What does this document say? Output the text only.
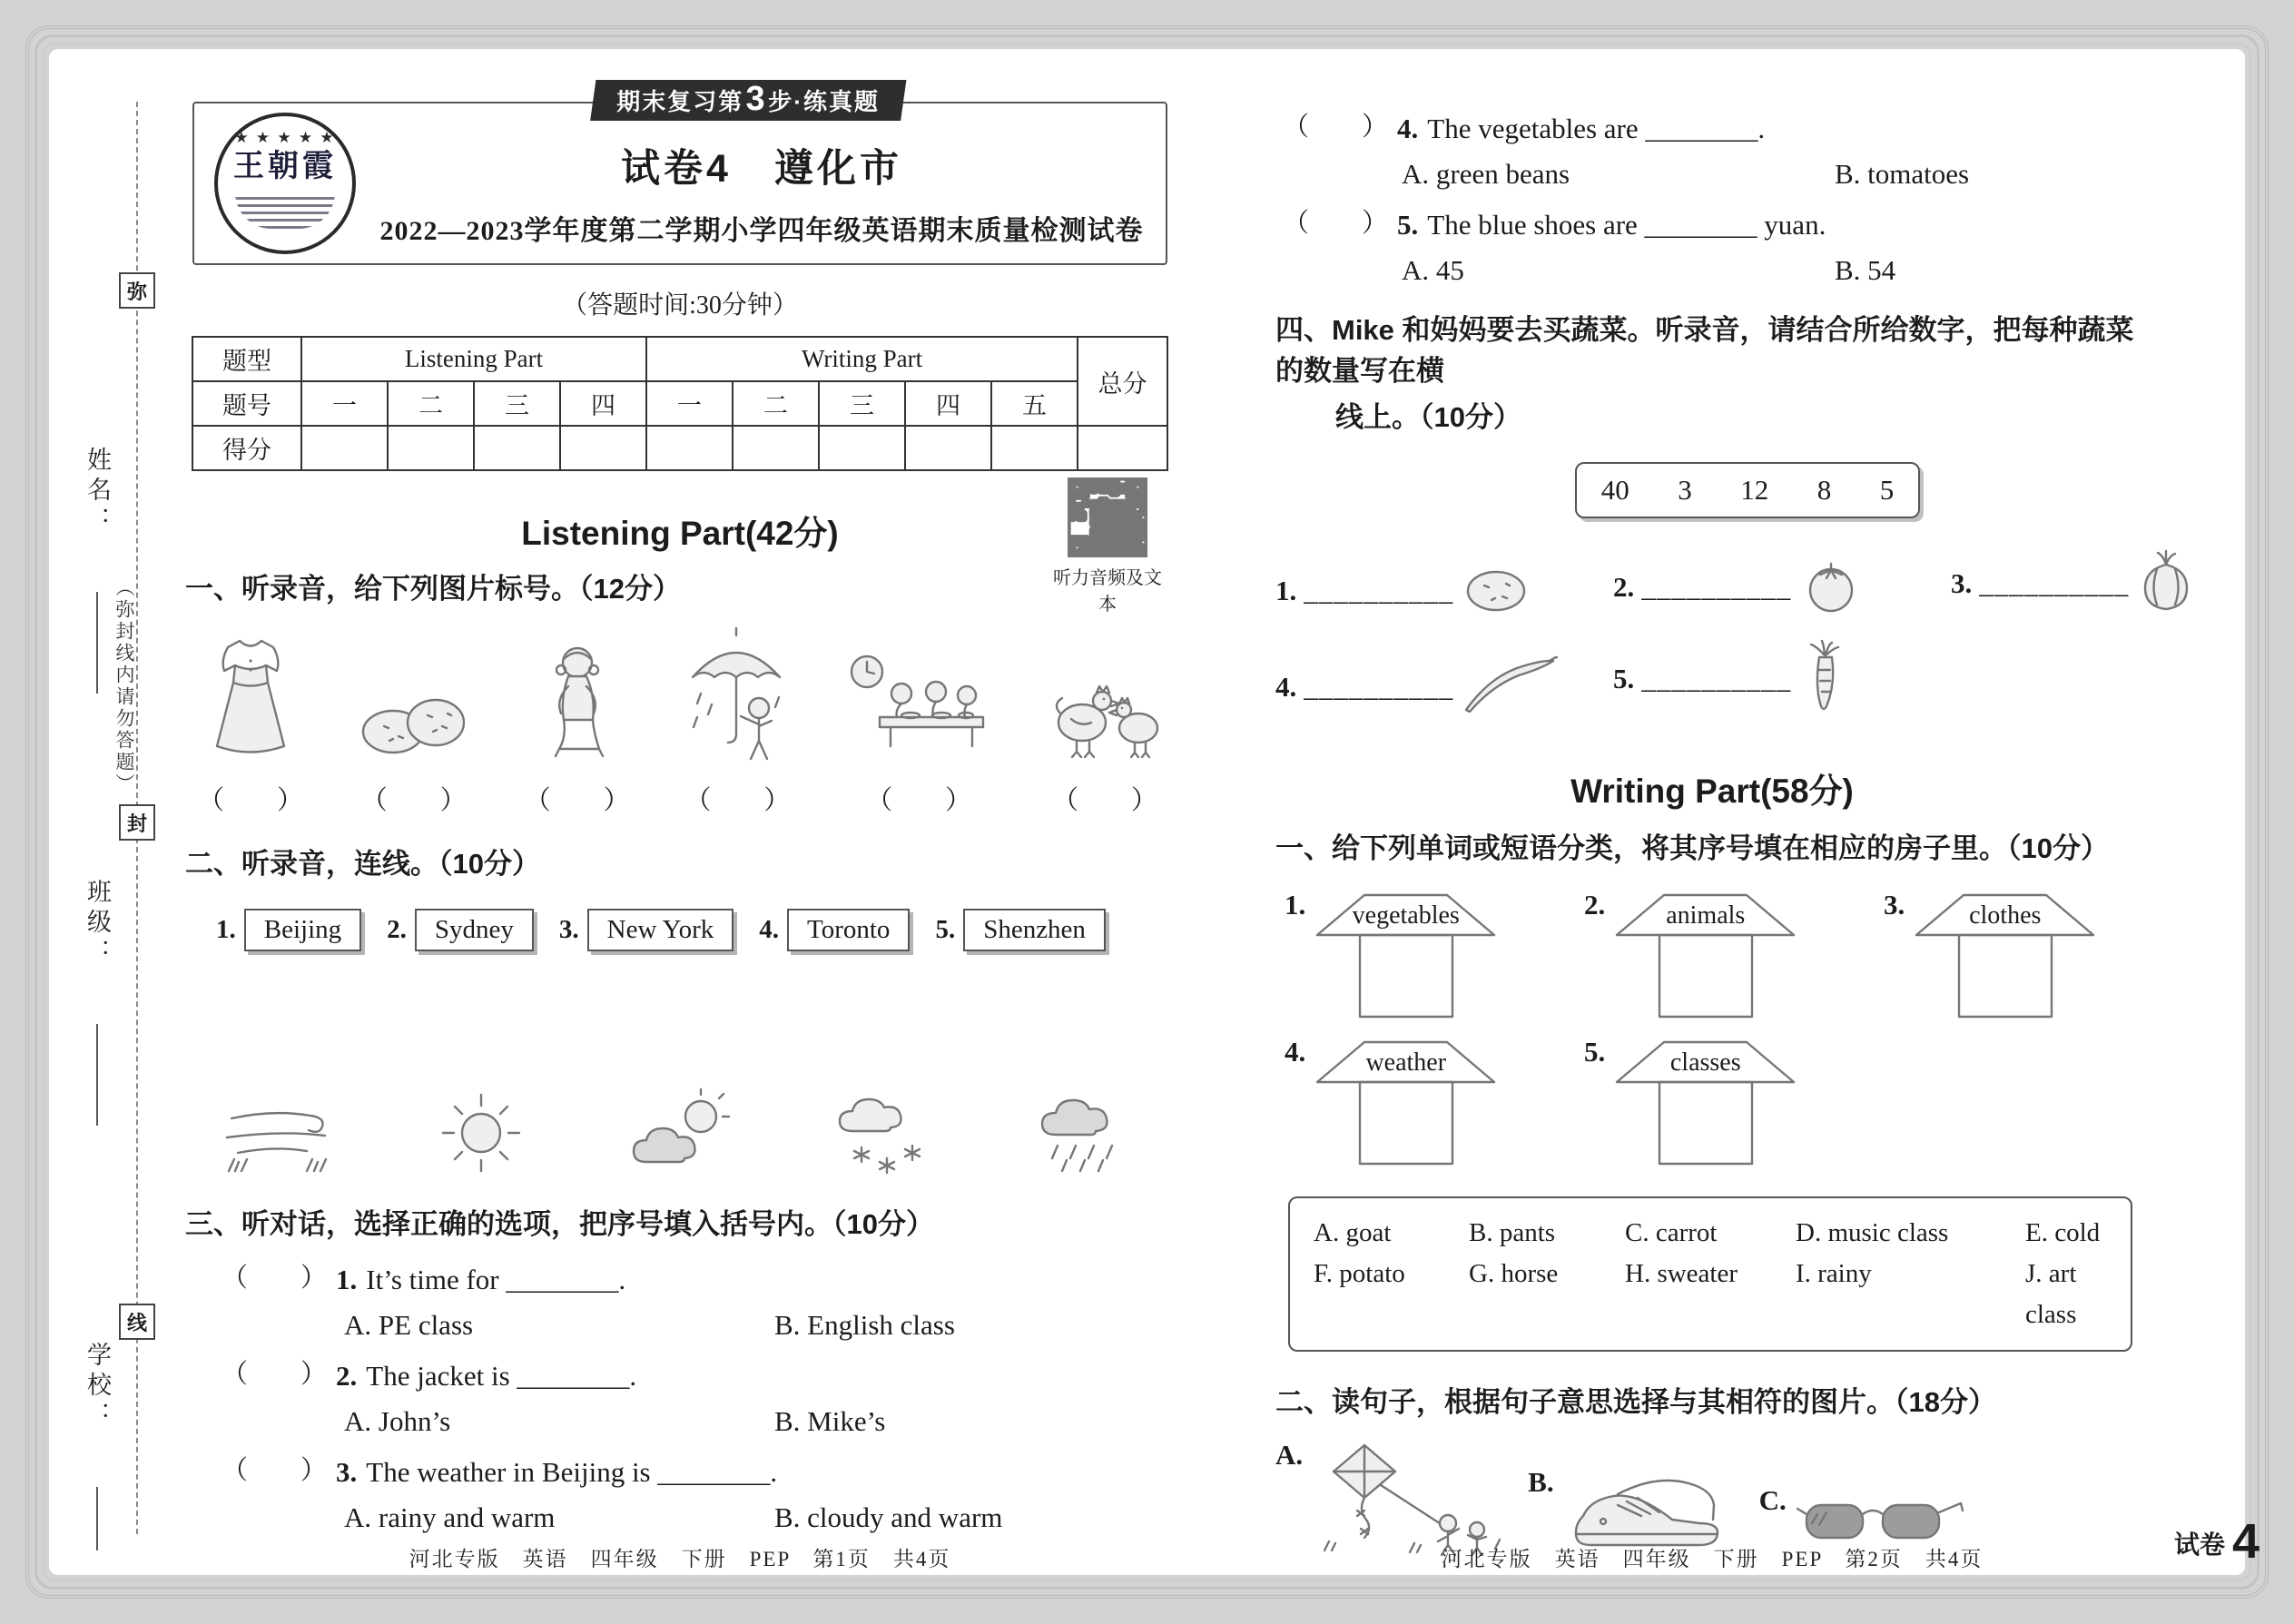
弥
姓名：
（弥封线内请勿答题）
封
班级：
线
学校：
期末复习第3步·练真题
★ ★ ★ ★ ★
王朝霞	试卷4　遵化市
2022—2023学年度第二学期小学四年级英语期末质量检测试卷
（答题时间:30分钟）
题型	Listening Part				Writing Part					总分
题号	一	二	三	四	一	二	三	四	五	
得分										
Listening Part(42分)
听力音频及文本
一、听录音，给下列图片标号。（12分）
（　　） （　　） （　　） （　　）	（　　）	（　　）
二、听录音，连线。（10分）
1.	Beijing	2.	Sydney	3.	New York	4.	Toronto	5.	Shenzhen
三、听对话，选择正确的选项，把序号填入括号内。（10分）
（　　） 1. It’s time for ________.
A. PE class	B. English class
（　　） 2. The jacket is ________.
A. John’s	B. Mike’s
（　　） 3. The weather in Beijing is ________.
A. rainy and warm	B. cloudy and warm
（　　） 4. The vegetables are ________.
A. green beans	B. tomatoes
（　　） 5. The blue shoes are ________ yuan.
A. 45	B. 54
四、Mike 和妈妈要去买蔬菜。听录音，请结合所给数字，把每种蔬菜的数量写在横
线上。（10分）
40 3 12 8 5
1. __________	2. __________	3. __________
4. __________	5. __________
Writing Part(58分)
一、给下列单词或短语分类，将其序号填在相应的房子里。（10分）
1.	vegetables	2.	animals	3.	clothes
4.	weather	5.	classes
A. goat	B. pants	C. carrot	D. music class	E. cold
F. potato	G. horse	H. sweater	I. rainy	J. art class
二、读句子，根据句子意思选择与其相符的图片。（18分）
A.
B.
C.
河北专版　英语　四年级　下册　PEP　第1页　共4页	河北专版　英语　四年级　下册　PEP　第2页　共4页
试卷 4
